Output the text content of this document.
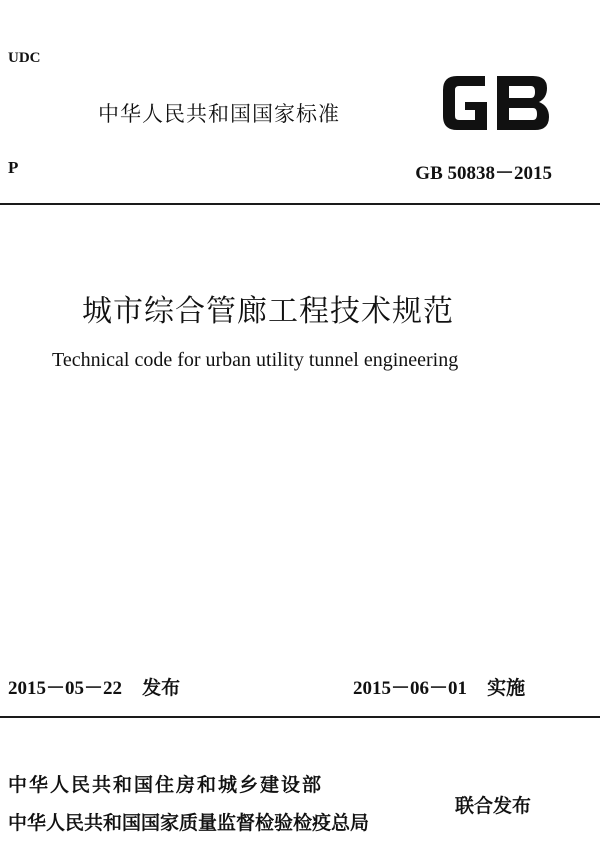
UDC
中华人民共和国国家标准
P	GB 50838－2015
城市综合管廊工程技术规范
Technical code for urban utility tunnel engineering
2015－05－22 发布	2015－06－01 实施
中华人民共和国住房和城乡建设部
中华人民共和国国家质量监督检验检疫总局
联合发布
